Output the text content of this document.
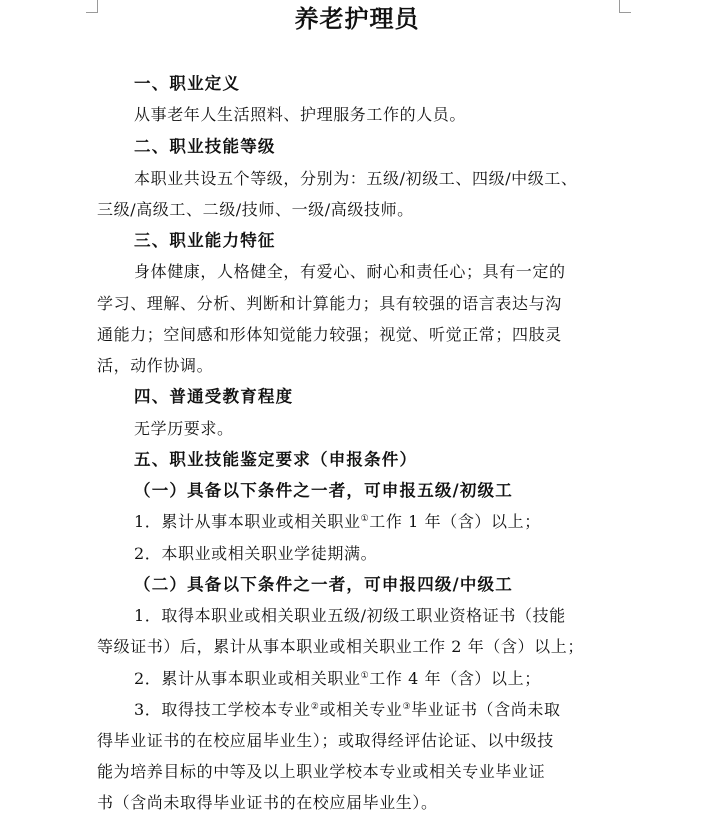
养老护理员
一、职业定义
从事老年人生活照料、护理服务工作的人员。
二、职业技能等级
本职业共设五个等级，分别为：五级/初级工、四级/中级工、
三级/高级工、二级/技师、一级/高级技师。
三、职业能力特征
身体健康，人格健全，有爱心、耐心和责任心；具有一定的
学习、理解、分析、判断和计算能力；具有较强的语言表达与沟
通能力；空间感和形体知觉能力较强；视觉、听觉正常；四肢灵
活，动作协调。
四、普通受教育程度
无学历要求。
五、职业技能鉴定要求（申报条件）
（一）具备以下条件之一者，可申报五级/初级工
1．累计从事本职业或相关职业①工作 1 年（含）以上；
2．本职业或相关职业学徒期满。
（二）具备以下条件之一者，可申报四级/中级工
1．取得本职业或相关职业五级/初级工职业资格证书（技能
等级证书）后，累计从事本职业或相关职业工作 2 年（含）以上；
2．累计从事本职业或相关职业①工作 4 年（含）以上；
3．取得技工学校本专业②或相关专业③毕业证书（含尚未取
得毕业证书的在校应届毕业生）；或取得经评估论证、以中级技
能为培养目标的中等及以上职业学校本专业或相关专业毕业证
书（含尚未取得毕业证书的在校应届毕业生）。
